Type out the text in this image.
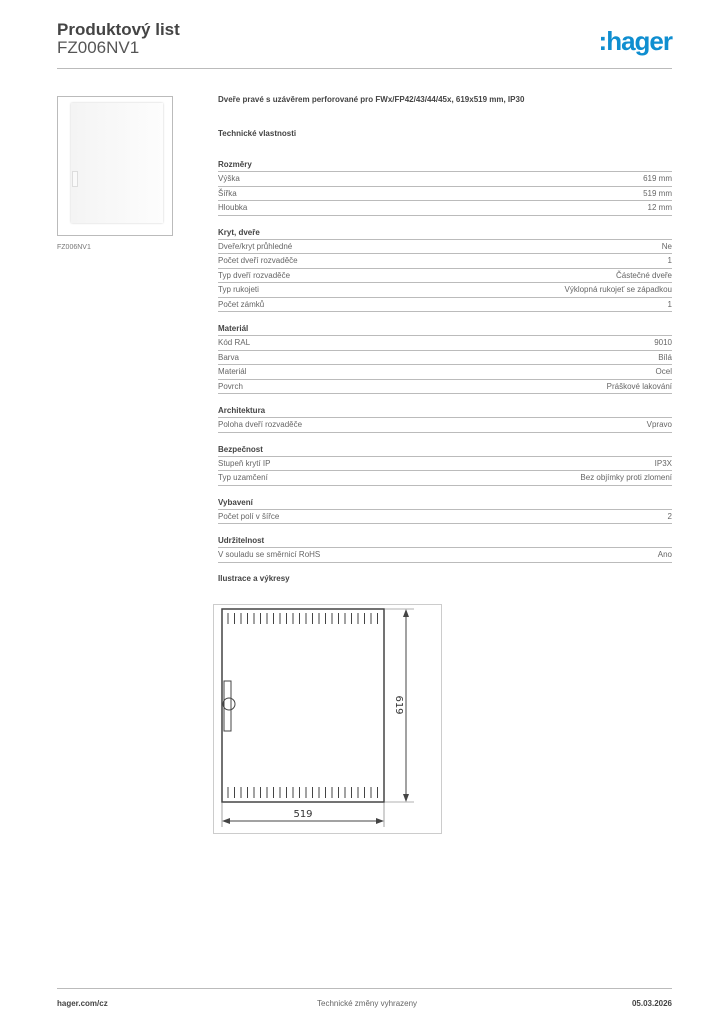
Produktový list
FZ006NV1	:hager
FZ006NV1
Dveře pravé s uzávěrem perforované pro FWx/FP42/43/44/45x, 619x519 mm, IP30
Technické vlastnosti
Rozměry
Výška	619 mm
Šířka	519 mm
Hloubka	12 mm
Kryt, dveře
Dveře/kryt průhledné	Ne
Počet dveří rozvaděče	1
Typ dveří rozvaděče	Částečné dveře
Typ rukojeti	Výklopná rukojeť se západkou
Počet zámků	1
Materiál
Kód RAL	9010
Barva	Bílá
Materiál	Ocel
Povrch	Práškové lakování
Architektura
Poloha dveří rozvaděče	Vpravo
Bezpečnost
Stupeň krytí IP	IP3X
Typ uzamčení	Bez objímky proti zlomení
Vybavení
Počet polí v šířce	2
Udržitelnost
V souladu se směrnicí RoHS	Ano
Ilustrace a výkresy
619
519
hager.com/cz	Technické změny vyhrazeny	05.03.2026
